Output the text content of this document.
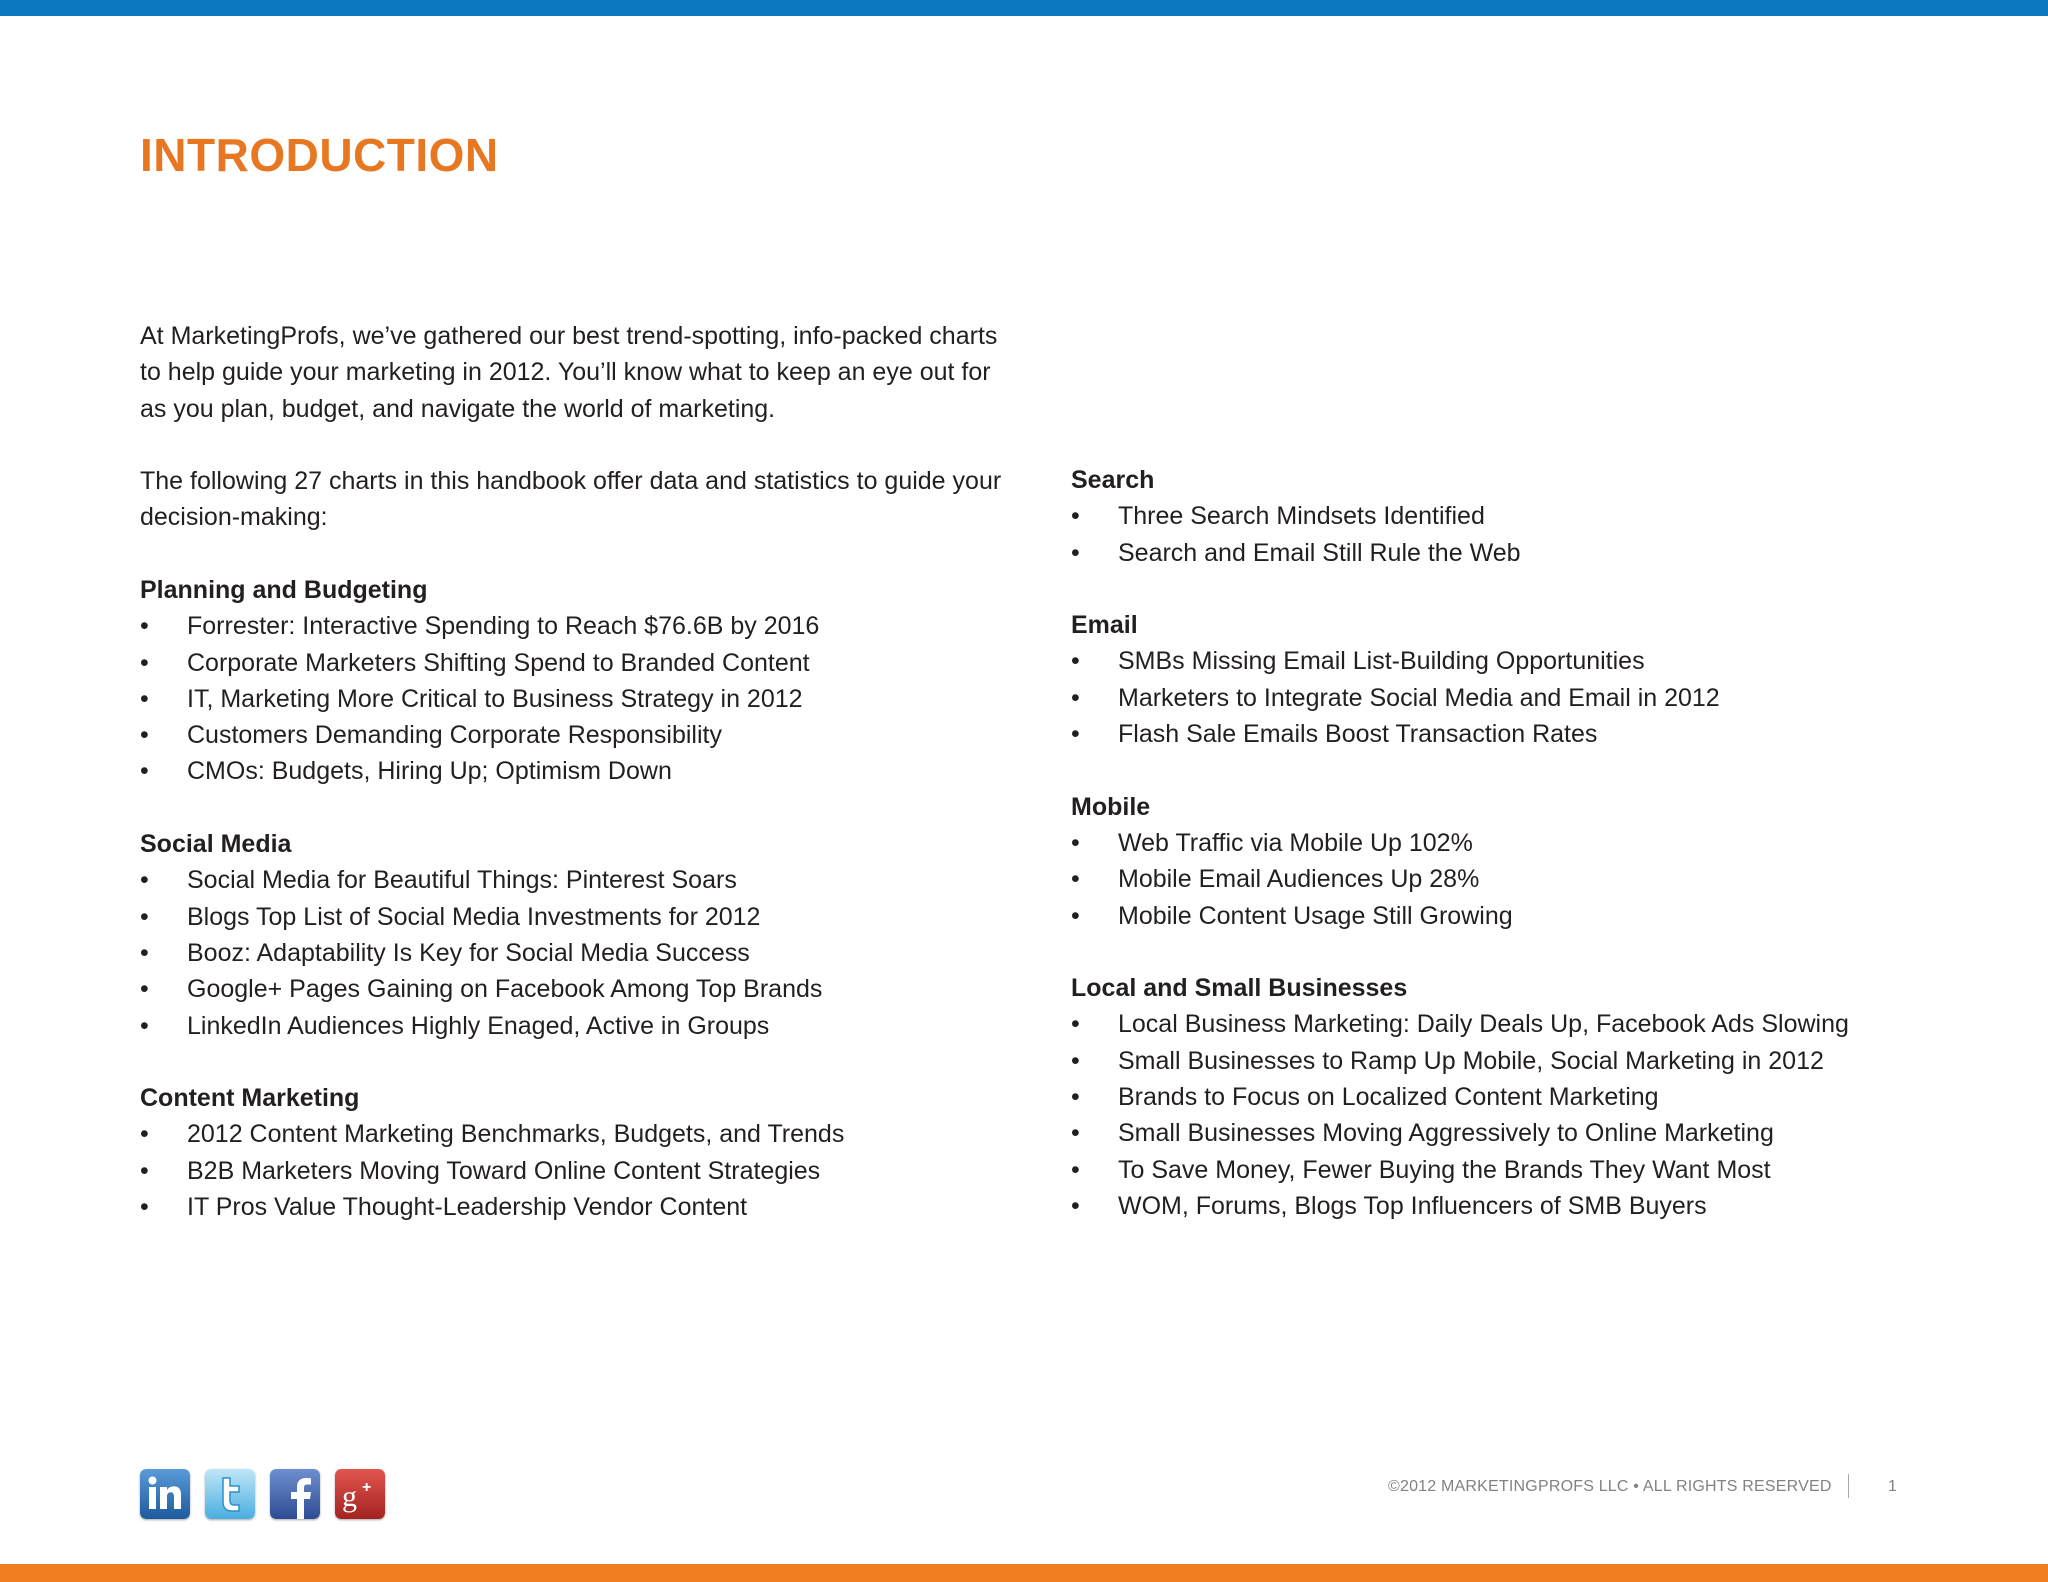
INTRODUCTION

At MarketingProfs, we’ve gathered our best trend-spotting, info-packed charts
to help guide your marketing in 2012. You’ll know what to keep an eye out for
as you plan, budget, and navigate the world of marketing.

The following 27 charts in this handbook offer data and statistics to guide your
decision-making:

Planning and Budgeting
• Forrester: Interactive Spending to Reach $76.6B by 2016
• Corporate Marketers Shifting Spend to Branded Content
• IT, Marketing More Critical to Business Strategy in 2012
• Customers Demanding Corporate Responsibility
• CMOs: Budgets, Hiring Up; Optimism Down
Social Media
• Social Media for Beautiful Things: Pinterest Soars
• Blogs Top List of Social Media Investments for 2012
• Booz: Adaptability Is Key for Social Media Success
• Google+ Pages Gaining on Facebook Among Top Brands
• LinkedIn Audiences Highly Enaged, Active in Groups
Content Marketing
• 2012 Content Marketing Benchmarks, Budgets, and Trends
• B2B Marketers Moving Toward Online Content Strategies
• IT Pros Value Thought-Leadership Vendor Content
Search
• Three Search Mindsets Identified
• Search and Email Still Rule the Web
Email
• SMBs Missing Email List-Building Opportunities
• Marketers to Integrate Social Media and Email in 2012
• Flash Sale Emails Boost Transaction Rates
Mobile
• Web Traffic via Mobile Up 102%
• Mobile Email Audiences Up 28%
• Mobile Content Usage Still Growing
Local and Small Businesses
• Local Business Marketing: Daily Deals Up, Facebook Ads Slowing
• Small Businesses to Ramp Up Mobile, Social Marketing in 2012
• Brands to Focus on Localized Content Marketing
• Small Businesses Moving Aggressively to Online Marketing
• To Save Money, Fewer Buying the Brands They Want Most
• WOM, Forums, Blogs Top Influencers of SMB Buyers
g +	©2012 MARKETINGPROFS LLC • ALL RIGHTS RESERVED	1
